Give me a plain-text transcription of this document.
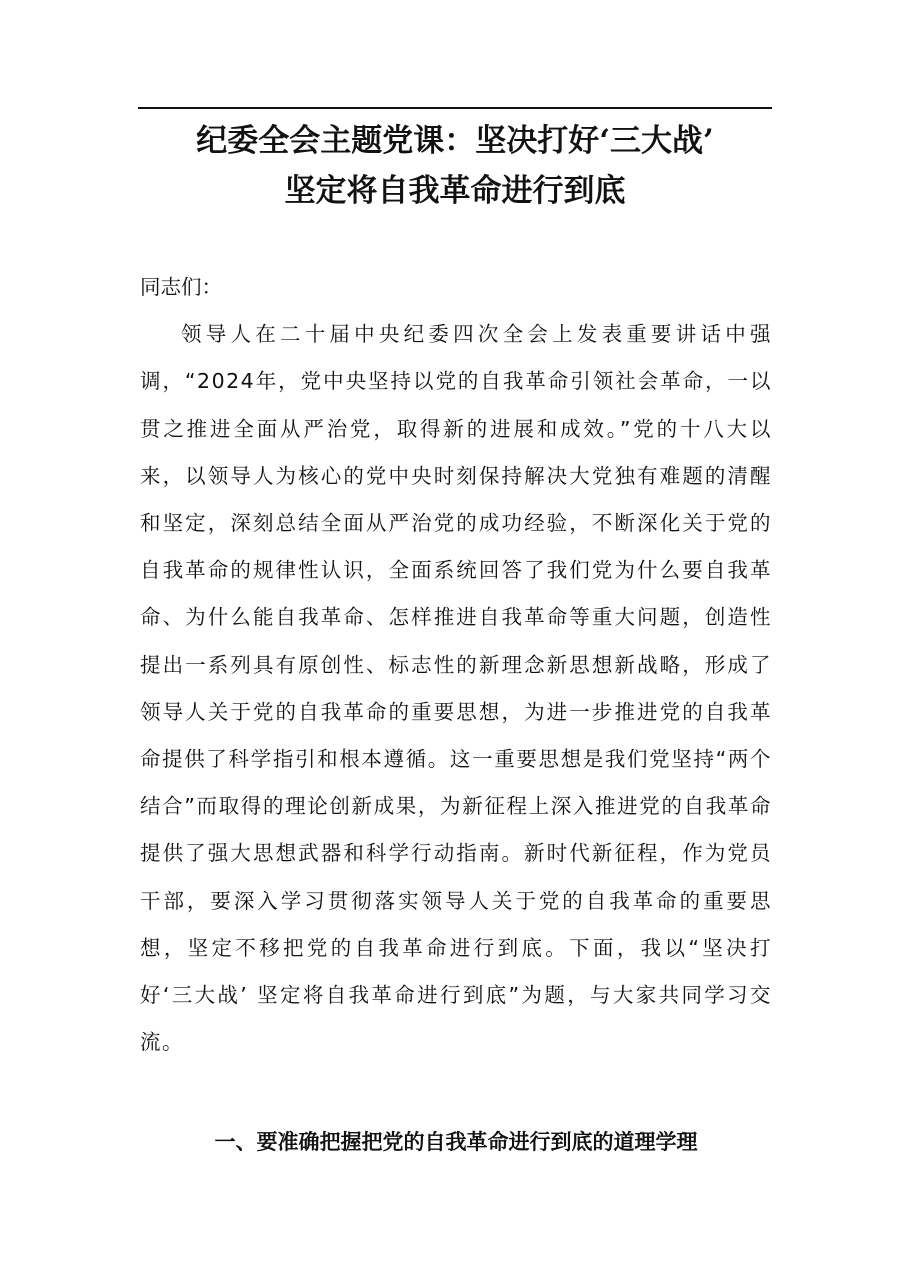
纪委全会主题党课：坚决打好‘三大战’
坚定将自我革命进行到底

同志们：

领导人在二十届中央纪委四次全会上发表重要讲话中强调，“2024年，党中央坚持以党的自我革命引领社会革命，一以贯之推进全面从严治党，取得新的进展和成效。”党的十八大以来，以领导人为核心的党中央时刻保持解决大党独有难题的清醒和坚定，深刻总结全面从严治党的成功经验，不断深化关于党的自我革命的规律性认识，全面系统回答了我们党为什么要自我革命、为什么能自我革命、怎样推进自我革命等重大问题，创造性提出一系列具有原创性、标志性的新理念新思想新战略，形成了领导人关于党的自我革命的重要思想，为进一步推进党的自我革命提供了科学指引和根本遵循。这一重要思想是我们党坚持“两个结合”而取得的理论创新成果，为新征程上深入推进党的自我革命提供了强大思想武器和科学行动指南。新时代新征程，作为党员干部，要深入学习贯彻落实领导人关于党的自我革命的重要思想，坚定不移把党的自我革命进行到底。下面，我以“坚决打好‘三大战’ 坚定将自我革命进行到底”为题，与大家共同学习交流。

一、要准确把握把党的自我革命进行到底的道理学理
